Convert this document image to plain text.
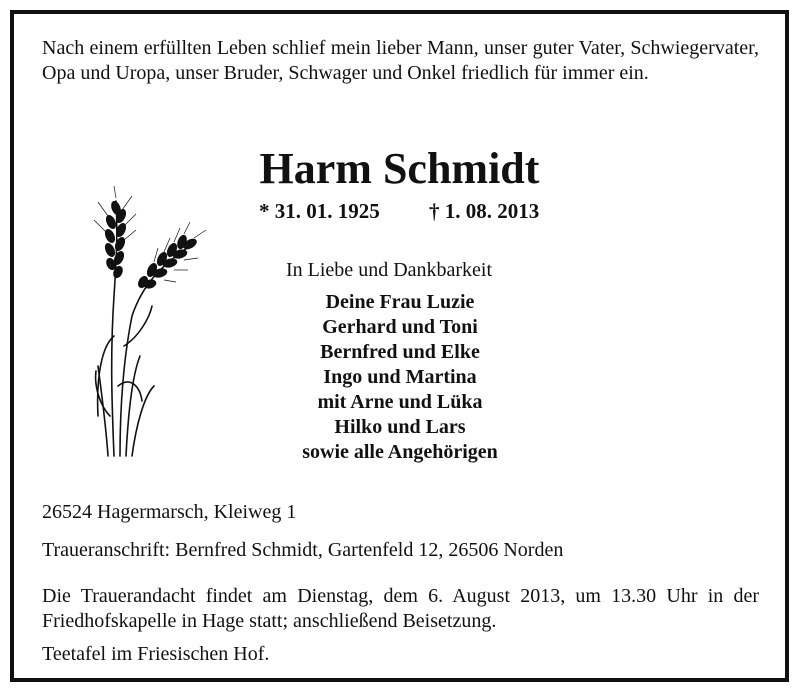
Nach einem erfüllten Leben schlief mein lieber Mann, unser guter Vater, Schwiegervater, Opa und Uropa, unser Bruder, Schwager und Onkel friedlich für immer ein.
Harm Schmidt
* 31. 01. 1925 † 1. 08. 2013
In Liebe und Dankbarkeit
Deine Frau Luzie
Gerhard und Toni
Bernfred und Elke
Ingo und Martina
mit Arne und Lüka
Hilko und Lars
sowie alle Angehörigen
26524 Hagermarsch, Kleiweg 1
Traueranschrift: Bernfred Schmidt, Gartenfeld 12, 26506 Norden
Die Trauerandacht findet am Dienstag, dem 6. August 2013, um 13.30 Uhr in der Friedhofskapelle in Hage statt; anschließend Beisetzung.
Teetafel im Friesischen Hof.
